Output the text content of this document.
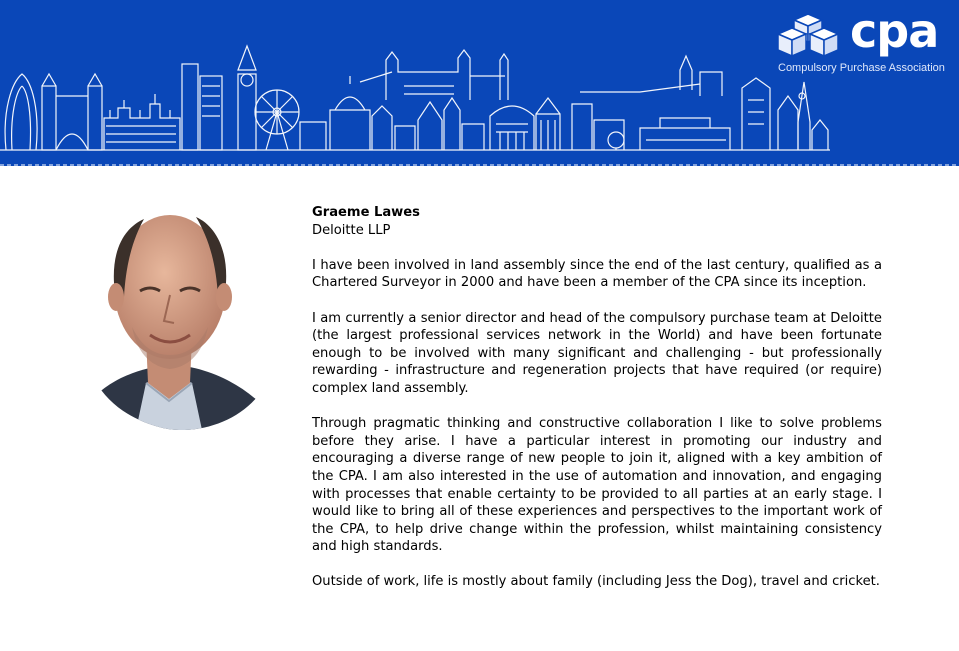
cpa
Compulsory Purchase Association
Graeme Lawes
Deloitte LLP

I have been involved in land assembly since the end of the last century, qualified as a Chartered Surveyor in 2000 and have been a member of the CPA since its inception.

I am currently a senior director and head of the compulsory purchase team at Deloitte (the largest professional services network in the World) and have been fortunate enough to be involved with many significant and challenging - but professionally rewarding - infrastructure and regeneration projects that have required (or require) complex land assembly.

Through pragmatic thinking and constructive collaboration I like to solve problems before they arise. I have a particular interest in promoting our industry and encouraging a diverse range of new people to join it, aligned with a key ambition of the CPA. I am also interested in the use of automation and innovation, and engaging with processes that enable certainty to be provided to all parties at an early stage. I would like to bring all of these experiences and perspectives to the important work of the CPA, to help drive change within the profession, whilst maintaining consistency and high standards.

Outside of work, life is mostly about family (including Jess the Dog), travel and cricket.
